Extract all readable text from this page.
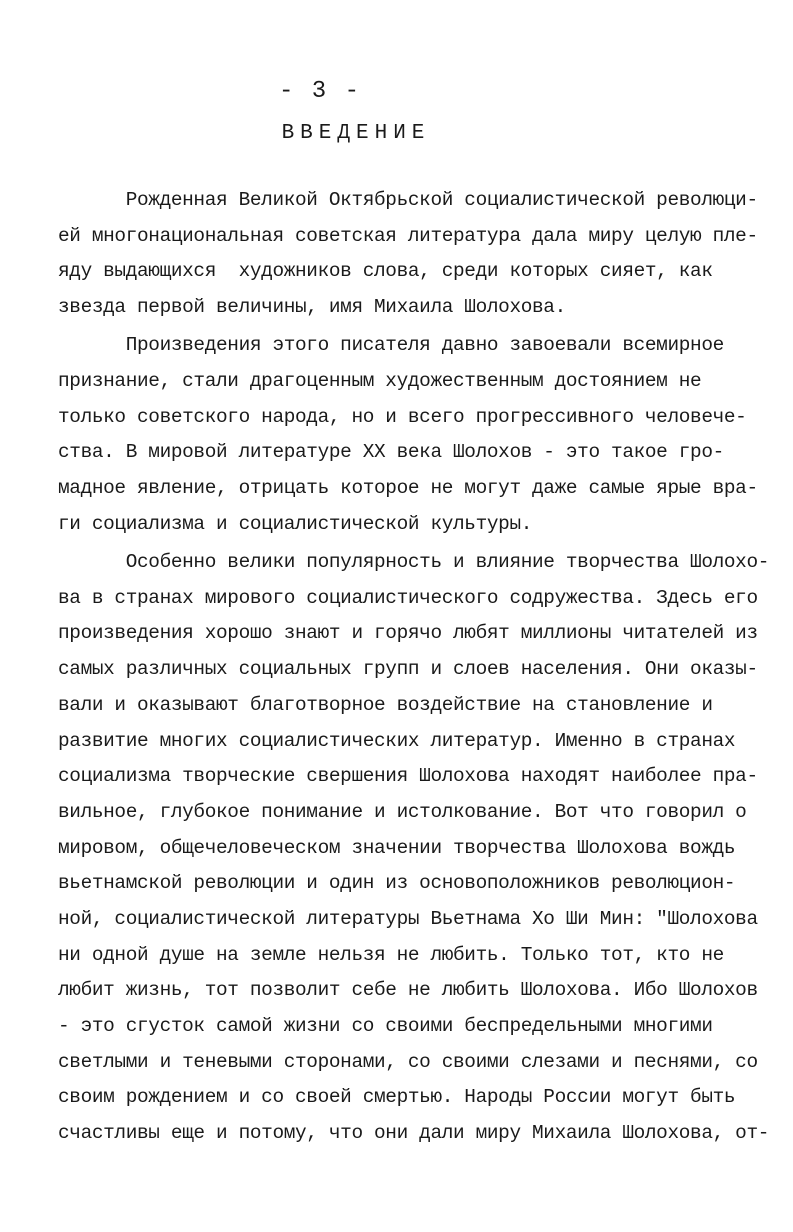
- 3 -
ВВЕДЕНИЕ
Рожденная Великой Октябрьской социалистической революци-
ей многонациональная советская литература дала миру целую пле-
яду выдающихся  художников слова, среди которых сияет, как
звезда первой величины, имя Михаила Шолохова.
Произведения этого писателя давно завоевали всемирное
признание, стали драгоценным художественным достоянием не
только советского народа, но и всего прогрессивного человече-
ства. В мировой литературе XX века Шолохов - это такое гро-
мадное явление, отрицать которое не могут даже самые ярые вра-
ги социализма и социалистической культуры.
Особенно велики популярность и влияние творчества Шолохо-
ва в странах мирового социалистического содружества. Здесь его
произведения хорошо знают и горячо любят миллионы читателей из
самых различных социальных групп и слоев населения. Они оказы-
вали и оказывают благотворное воздействие на становление и
развитие многих социалистических литератур. Именно в странах
социализма творческие свершения Шолохова находят наиболее пра-
вильное, глубокое понимание и истолкование. Вот что говорил о
мировом, общечеловеческом значении творчества Шолохова вождь
вьетнамской революции и один из основоположников революцион-
ной, социалистической литературы Вьетнама Хо Ши Мин: "Шолохова
ни одной душе на земле нельзя не любить. Только тот, кто не
любит жизнь, тот позволит себе не любить Шолохова. Ибо Шолохов
- это сгусток самой жизни со своими беспредельными многими
светлыми и теневыми сторонами, со своими слезами и песнями, со
своим рождением и со своей смертью. Народы России могут быть
счастливы еще и потому, что они дали миру Михаила Шолохова, от-
